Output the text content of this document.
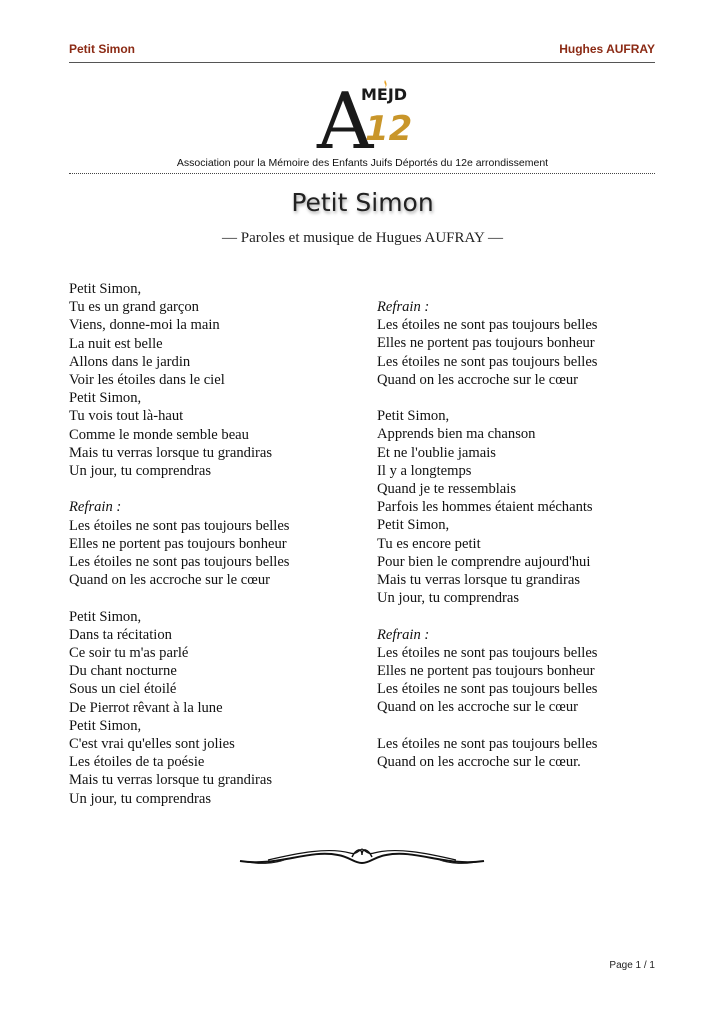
Petit Simon	Hughes AUFRAY
A
MEJD
12
Association pour la Mémoire des Enfants Juifs Déportés du 12e arrondissement
Petit Simon
— Paroles et musique de Hugues AUFRAY —
Petit Simon,
Tu es un grand garçon
Viens, donne-moi la main
La nuit est belle
Allons dans le jardin
Voir les étoiles dans le ciel
Petit Simon,
Tu vois tout là-haut
Comme le monde semble beau
Mais tu verras lorsque tu grandiras
Un jour, tu comprendras
Refrain :
Les étoiles ne sont pas toujours belles
Elles ne portent pas toujours bonheur
Les étoiles ne sont pas toujours belles
Quand on les accroche sur le cœur
Petit Simon,
Dans ta récitation
Ce soir tu m'as parlé
Du chant nocturne
Sous un ciel étoilé
De Pierrot rêvant à la lune
Petit Simon,
C'est vrai qu'elles sont jolies
Les étoiles de ta poésie
Mais tu verras lorsque tu grandiras
Un jour, tu comprendras
Refrain :
Les étoiles ne sont pas toujours belles
Elles ne portent pas toujours bonheur
Les étoiles ne sont pas toujours belles
Quand on les accroche sur le cœur
Petit Simon,
Apprends bien ma chanson
Et ne l'oublie jamais
Il y a longtemps
Quand je te ressemblais
Parfois les hommes étaient méchants
Petit Simon,
Tu es encore petit
Pour bien le comprendre aujourd'hui
Mais tu verras lorsque tu grandiras
Un jour, tu comprendras
Refrain :
Les étoiles ne sont pas toujours belles
Elles ne portent pas toujours bonheur
Les étoiles ne sont pas toujours belles
Quand on les accroche sur le cœur
Les étoiles ne sont pas toujours belles
Quand on les accroche sur le cœur.
Page 1 / 1
